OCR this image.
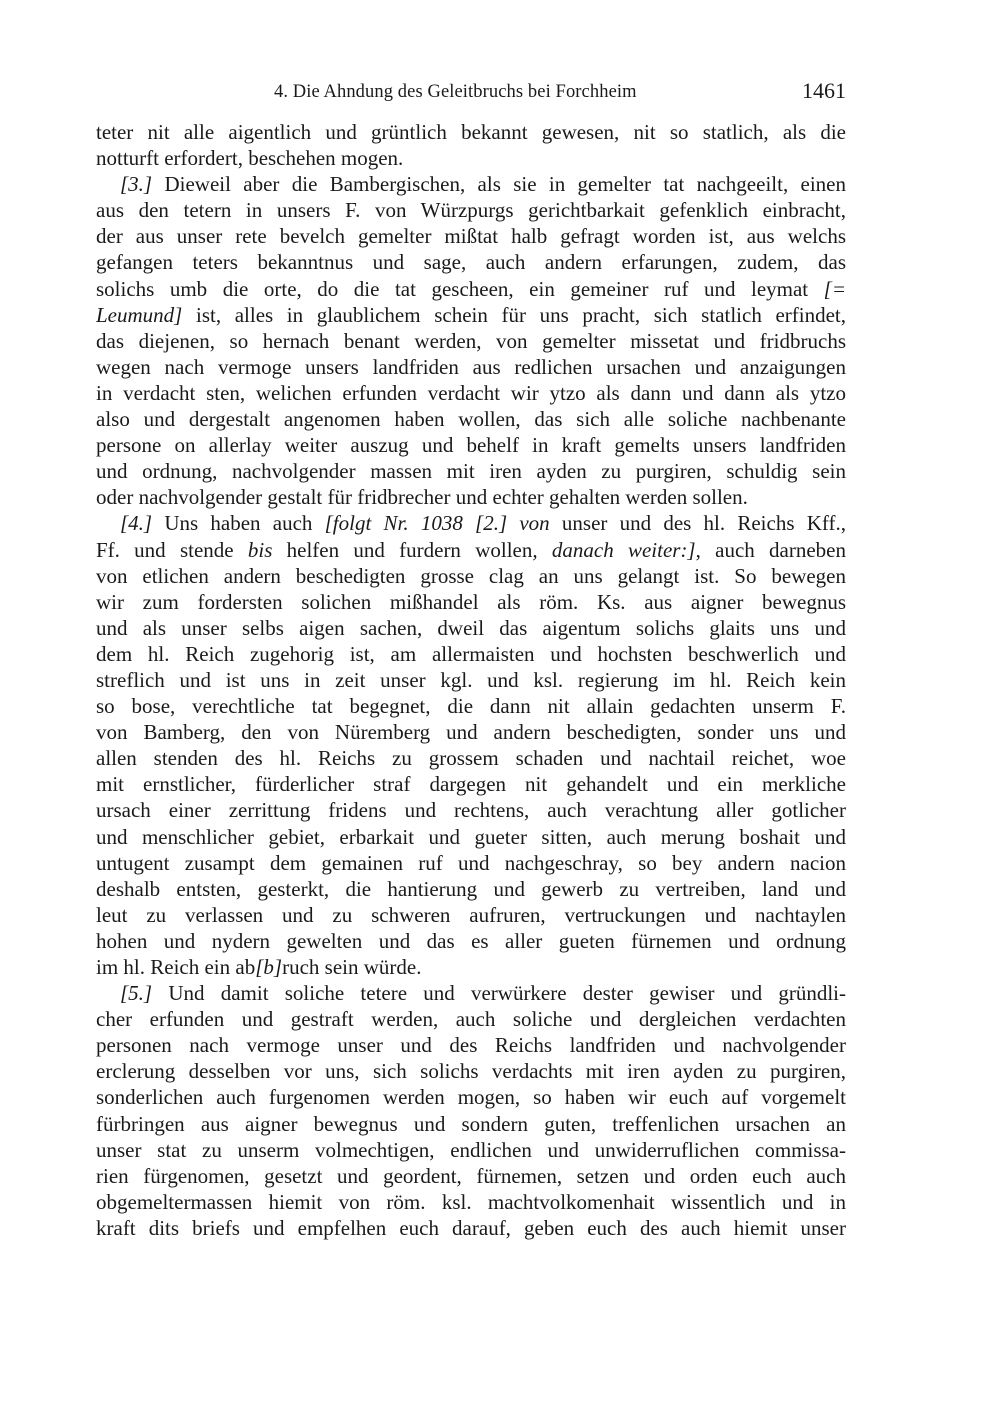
4. Die Ahndung des Geleitbruchs bei Forchheim	1461
teter nit alle aigentlich und grüntlich bekannt gewesen, nit so statlich, als die
notturft erfordert, beschehen mogen.
[3.] Dieweil aber die Bambergischen, als sie in gemelter tat nachgeeilt, einen
aus den tetern in unsers F. von Würzpurgs gerichtbarkait gefenklich einbracht,
der aus unser rete bevelch gemelter mißtat halb gefragt worden ist, aus welchs
gefangen teters bekanntnus und sage, auch andern erfarungen, zudem, das
solichs umb die orte, do die tat gescheen, ein gemeiner ruf und leymat [=
Leumund] ist, alles in glaublichem schein für uns pracht, sich statlich erfindet,
das diejenen, so hernach benant werden, von gemelter missetat und fridbruchs
wegen nach vermoge unsers landfriden aus redlichen ursachen und anzaigungen
in verdacht sten, welichen erfunden verdacht wir ytzo als dann und dann als ytzo
also und dergestalt angenomen haben wollen, das sich alle soliche nachbenante
persone on allerlay weiter auszug und behelf in kraft gemelts unsers landfriden
und ordnung, nachvolgender massen mit iren ayden zu purgiren, schuldig sein
oder nachvolgender gestalt für fridbrecher und echter gehalten werden sollen.
[4.] Uns haben auch [folgt Nr. 1038 [2.] von unser und des hl. Reichs Kff.,
Ff. und stende bis helfen und furdern wollen, danach weiter:], auch darneben
von etlichen andern beschedigten grosse clag an uns gelangt ist. So bewegen
wir zum fordersten solichen mißhandel als röm. Ks. aus aigner bewegnus
und als unser selbs aigen sachen, dweil das aigentum solichs glaits uns und
dem hl. Reich zugehorig ist, am allermaisten und hochsten beschwerlich und
streflich und ist uns in zeit unser kgl. und ksl. regierung im hl. Reich kein
so bose, verechtliche tat begegnet, die dann nit allain gedachten unserm F.
von Bamberg, den von Nüremberg und andern beschedigten, sonder uns und
allen stenden des hl. Reichs zu grossem schaden und nachtail reichet, woe
mit ernstlicher, fürderlicher straf dargegen nit gehandelt und ein merkliche
ursach einer zerrittung fridens und rechtens, auch verachtung aller gotlicher
und menschlicher gebiet, erbarkait und gueter sitten, auch merung boshait und
untugent zusampt dem gemainen ruf und nachgeschray, so bey andern nacion
deshalb entsten, gesterkt, die hantierung und gewerb zu vertreiben, land und
leut zu verlassen und zu schweren aufruren, vertruckungen und nachtaylen
hohen und nydern gewelten und das es aller gueten fürnemen und ordnung
im hl. Reich ein ab[b]ruch sein würde.
[5.] Und damit soliche tetere und verwürkere dester gewiser und gründli-
cher erfunden und gestraft werden, auch soliche und dergleichen verdachten
personen nach vermoge unser und des Reichs landfriden und nachvolgender
erclerung desselben vor uns, sich solichs verdachts mit iren ayden zu purgiren,
sonderlichen auch furgenomen werden mogen, so haben wir euch auf vorgemelt
fürbringen aus aigner bewegnus und sondern guten, treffenlichen ursachen an
unser stat zu unserm volmechtigen, endlichen und unwiderruflichen commissa-
rien fürgenomen, gesetzt und geordent, fürnemen, setzen und orden euch auch
obgemeltermassen hiemit von röm. ksl. machtvolkomenhait wissentlich und in
kraft dits briefs und empfelhen euch darauf, geben euch des auch hiemit unser
